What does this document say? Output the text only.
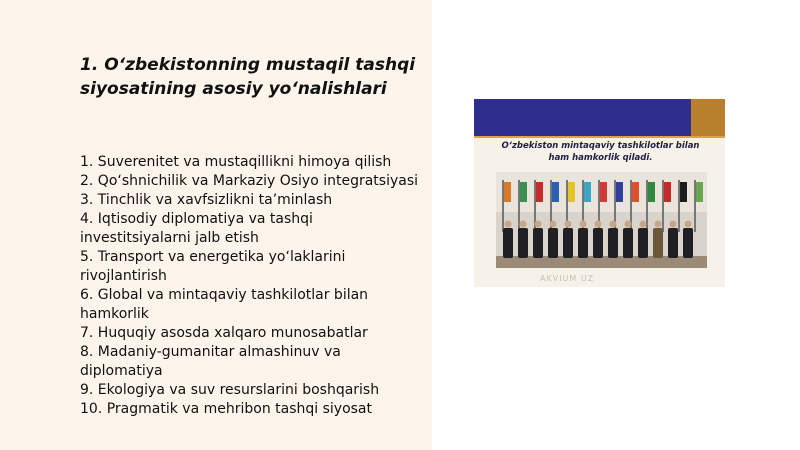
1. O‘zbekistonning mustaqil tashqi siyosatining asosiy yo‘nalishlari
1. Suverenitet va mustaqillikni himoya qilish
2. Qo‘shnichilik va Markaziy Osiyo integratsiyasi
3. Tinchlik va xavfsizlikni ta’minlash
4. Iqtisodiy diplomatiya va tashqi investitsiyalarni jalb etish
5. Transport va energetika yo‘laklarini rivojlantirish
6. Global va mintaqaviy tashkilotlar bilan hamkorlik
7. Huquqiy asosda xalqaro munosabatlar
8. Madaniy-gumanitar almashinuv va diplomatiya
9. Ekologiya va suv resurslarini boshqarish
10. Pragmatik va mehribon tashqi siyosat

O‘zbekiston mintaqaviy tashkilotlar bilan ham hamkorlik qiladi.

AKVIUM UZ
